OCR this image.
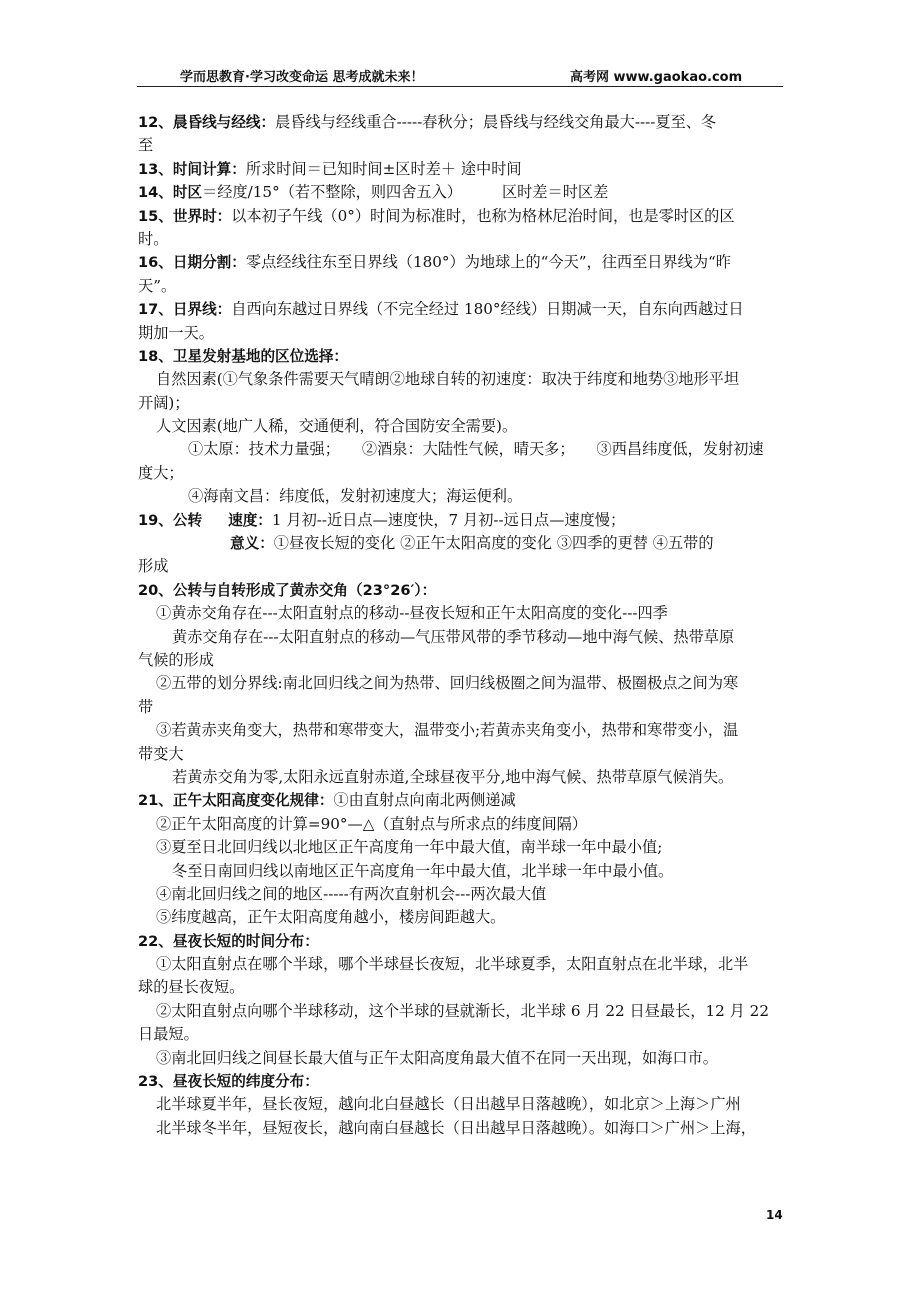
学而思教育·学习改变命运 思考成就未来！	高考网 www.gaokao.com
12、晨昏线与经线：晨昏线与经线重合-----春秋分；晨昏线与经线交角最大----夏至、冬
至
13、时间计算：所求时间＝已知时间±区时差＋ 途中时间
14、时区＝经度/15°（若不整除，则四舍五入）	区时差＝时区差
15、世界时：以本初子午线（0°）时间为标准时，也称为格林尼治时间，也是零时区的区
时。
16、日期分割：零点经线往东至日界线（180°）为地球上的“今天”，往西至日界线为“昨
天”。
17、日界线：自西向东越过日界线（不完全经过 180°经线）日期减一天，自东向西越过日
期加一天。
18、卫星发射基地的区位选择：
自然因素(①气象条件需要天气晴朗②地球自转的初速度：取决于纬度和地势③地形平坦
开阔)；
人文因素(地广人稀，交通便利，符合国防安全需要)。
①太原：技术力量强； ②酒泉：大陆性气候，晴天多； ③西昌纬度低，发射初速
度大；
④海南文昌：纬度低，发射初速度大；海运便利。
19、公转 速度：1 月初--近日点—速度快，7 月初--远日点—速度慢；
意义：①昼夜长短的变化 ②正午太阳高度的变化 ③四季的更替 ④五带的
形成
20、公转与自转形成了黄赤交角（23°26′）：
①黄赤交角存在---太阳直射点的移动--昼夜长短和正午太阳高度的变化---四季
黄赤交角存在---太阳直射点的移动—气压带风带的季节移动—地中海气候、热带草原
气候的形成
②五带的划分界线:南北回归线之间为热带、回归线极圈之间为温带、极圈极点之间为寒
带
③若黄赤夹角变大，热带和寒带变大，温带变小;若黄赤夹角变小，热带和寒带变小，温
带变大
若黄赤交角为零,太阳永远直射赤道,全球昼夜平分,地中海气候、热带草原气候消失。
21、正午太阳高度变化规律：①由直射点向南北两侧递减
②正午太阳高度的计算=90°—△（直射点与所求点的纬度间隔）
③夏至日北回归线以北地区正午高度角一年中最大值，南半球一年中最小值;
冬至日南回归线以南地区正午高度角一年中最大值，北半球一年中最小值。
④南北回归线之间的地区-----有两次直射机会---两次最大值
⑤纬度越高，正午太阳高度角越小，楼房间距越大。
22、昼夜长短的时间分布：
①太阳直射点在哪个半球，哪个半球昼长夜短，北半球夏季，太阳直射点在北半球，北半
球的昼长夜短。
②太阳直射点向哪个半球移动，这个半球的昼就渐长，北半球 6 月 22 日昼最长，12 月 22
日最短。
③南北回归线之间昼长最大值与正午太阳高度角最大值不在同一天出现，如海口市。
23、昼夜长短的纬度分布：
北半球夏半年，昼长夜短，越向北白昼越长（日出越早日落越晚），如北京＞上海＞广州
北半球冬半年，昼短夜长，越向南白昼越长（日出越早日落越晚）。如海口＞广州＞上海，
14
